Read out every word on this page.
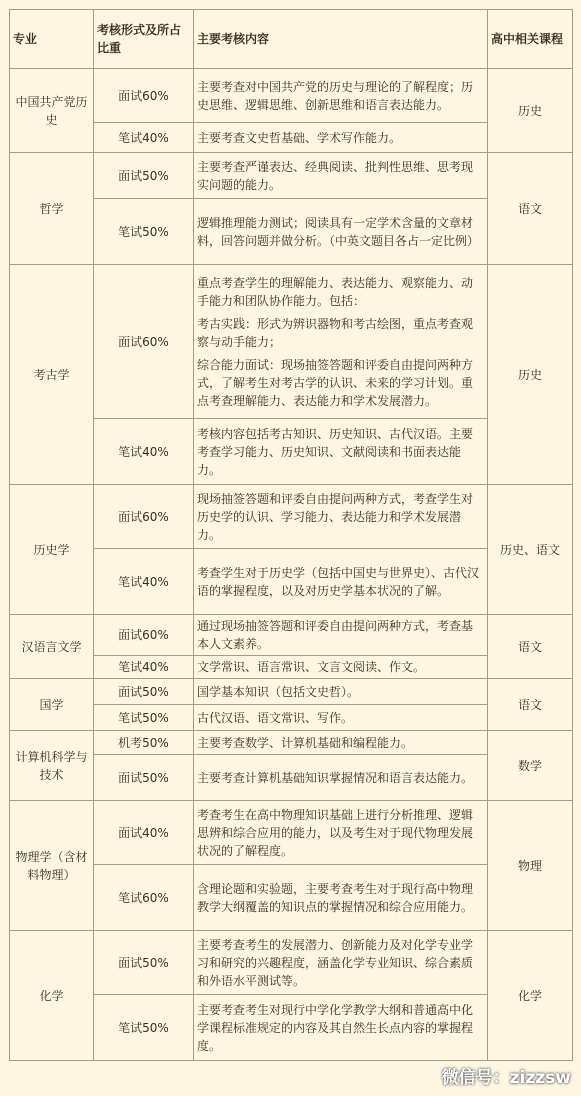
专业	考核形式及所占比重	主要考核内容	高中相关课程
中国共产党历史	面试60%	主要考查对中国共产党的历史与理论的了解程度；历史思维、逻辑思维、创新思维和语言表达能力。	历史
	笔试40%	主要考查文史哲基础、学术写作能力。	

哲学	面试50%	主要考查严谨表达、经典阅读、批判性思维、思考现实问题的能力。	语文
	笔试50%	逻辑推理能力测试；阅读具有一定学术含量的文章材料，回答问题并做分析。（中英文题目各占一定比例）	

考古学	面试60%	重点考查学生的理解能力、表达能力、观察能力、动手能力和团队协作能力。包括：
考古实践：形式为辨识器物和考古绘图，重点考查观察与动手能力；
综合能力面试：现场抽签答题和评委自由提问两种方式，了解考生对考古学的认识、未来的学习计划。重点考查理解能力、表达能力和学术发展潜力。	历史
	笔试40%	考核内容包括考古知识、历史知识、古代汉语。主要考查学习能力、历史知识、文献阅读和书面表达能力。	

历史学	面试60%	现场抽签答题和评委自由提问两种方式，考查学生对历史学的认识、学习能力、表达能力和学术发展潜力。	历史、语文
	笔试40%	考查学生对于历史学（包括中国史与世界史）、古代汉语的掌握程度，以及对历史学基本状况的了解。	

汉语言文学	面试60%	通过现场抽签答题和评委自由提问两种方式，考查基本人文素养。	语文
	笔试40%	文学常识、语言常识、文言文阅读、作文。	

国学	面试50%	国学基本知识（包括文史哲）。	语文
	笔试50%	古代汉语、语文常识、写作。	

计算机科学与技术	机考50%	主要考查数学、计算机基础和编程能力。	数学
	面试50%	主要考查计算机基础知识掌握情况和语言表达能力。	

物理学（含材料物理）	面试40%	考查考生在高中物理知识基础上进行分析推理、逻辑思辨和综合应用的能力，以及考生对于现代物理发展状况的了解程度。	物理
	笔试60%	含理论题和实验题，主要考查考生对于现行高中物理教学大纲覆盖的知识点的掌握情况和综合应用能力。	

化学	面试50%	主要考查考生的发展潜力、创新能力及对化学专业学习和研究的兴趣程度，涵盖化学专业知识、综合素质和外语水平测试等。	化学
	笔试50%	主要考查考生对现行中学化学教学大纲和普通高中化学课程标准规定的内容及其自然生长点内容的掌握程度。	
微信号：zizzsw
